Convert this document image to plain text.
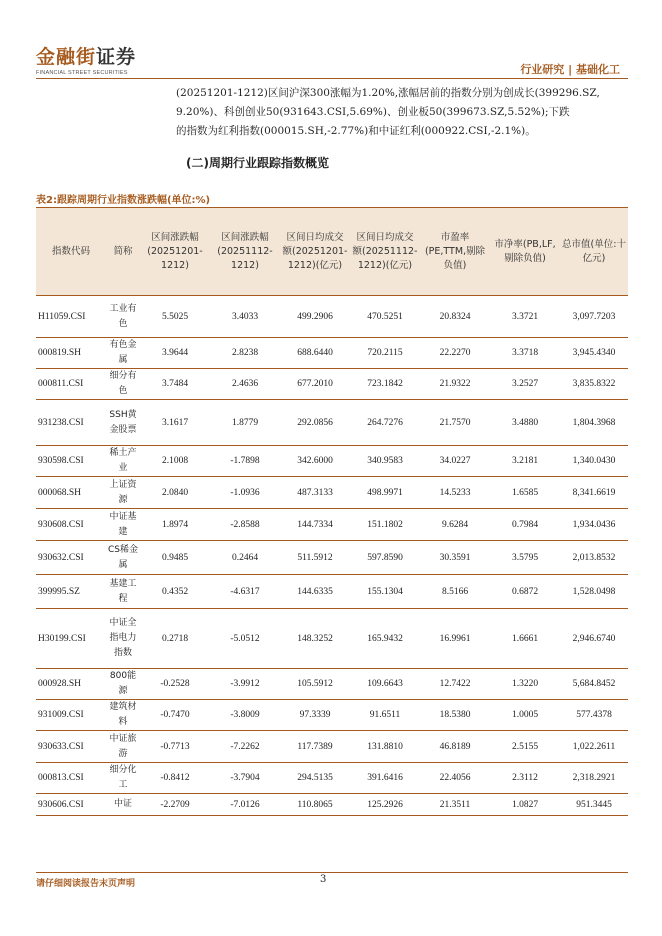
金融街证券
FINANCIAL STREET SECURITIES	行业研究 | 基础化工

(20251201-1212)区间沪深300涨幅为1.20%,涨幅居前的指数分别为创成长(399296.SZ,

9.20%)、科创创业50(931643.CSI,5.69%)、创业板50(399673.SZ,5.52%);下跌

的指数为红利指数(000015.SH,-2.77%)和中证红利(000922.CSI,-2.1%)。

(二)周期行业跟踪指数概览
表2:跟踪周期行业指数涨跌幅(单位:%)
指数代码	简称	区间涨跌幅(20251201-1212)	区间涨跌幅(20251112-1212)	区间日均成交额(20251201-1212)(亿元)	区间日均成交额(20251112-1212)(亿元)	市盈率(PE,TTM,剔除负值)	市净率(PB,LF,剔除负值)	总市值(单位:十亿元)
H11059.CSI	工业有色	5.5025	3.4033	499.2906	470.5251	20.8324	3.3721	3,097.7203
000819.SH	有色金属	3.9644	2.8238	688.6440	720.2115	22.2270	3.3718	3,945.4340
000811.CSI	细分有色	3.7484	2.4636	677.2010	723.1842	21.9322	3.2527	3,835.8322
931238.CSI	SSH黄金股票	3.1617	1.8779	292.0856	264.7276	21.7570	3.4880	1,804.3968
930598.CSI	稀土产业	2.1008	-1.7898	342.6000	340.9583	34.0227	3.2181	1,340.0430
000068.SH	上证资源	2.0840	-1.0936	487.3133	498.9971	14.5233	1.6585	8,341.6619
930608.CSI	中证基建	1.8974	-2.8588	144.7334	151.1802	9.6284	0.7984	1,934.0436
930632.CSI	CS稀金属	0.9485	0.2464	511.5912	597.8590	30.3591	3.5795	2,013.8532
399995.SZ	基建工程	0.4352	-4.6317	144.6335	155.1304	8.5166	0.6872	1,528.0498
H30199.CSI	中证全指电力指数	0.2718	-5.0512	148.3252	165.9432	16.9961	1.6661	2,946.6740
000928.SH	800能源	-0.2528	-3.9912	105.5912	109.6643	12.7422	1.3220	5,684.8452
931009.CSI	建筑材料	-0.7470	-3.8009	97.3339	91.6511	18.5380	1.0005	577.4378
930633.CSI	中证旅游	-0.7713	-7.2262	117.7389	131.8810	46.8189	2.5155	1,022.2611
000813.CSI	细分化工	-0.8412	-3.7904	294.5135	391.6416	22.4056	2.3112	2,318.2921
930606.CSI	中证	-2.2709	-7.0126	110.8065	125.2926	21.3511	1.0827	951.3445
请仔细阅读报告末页声明	3
